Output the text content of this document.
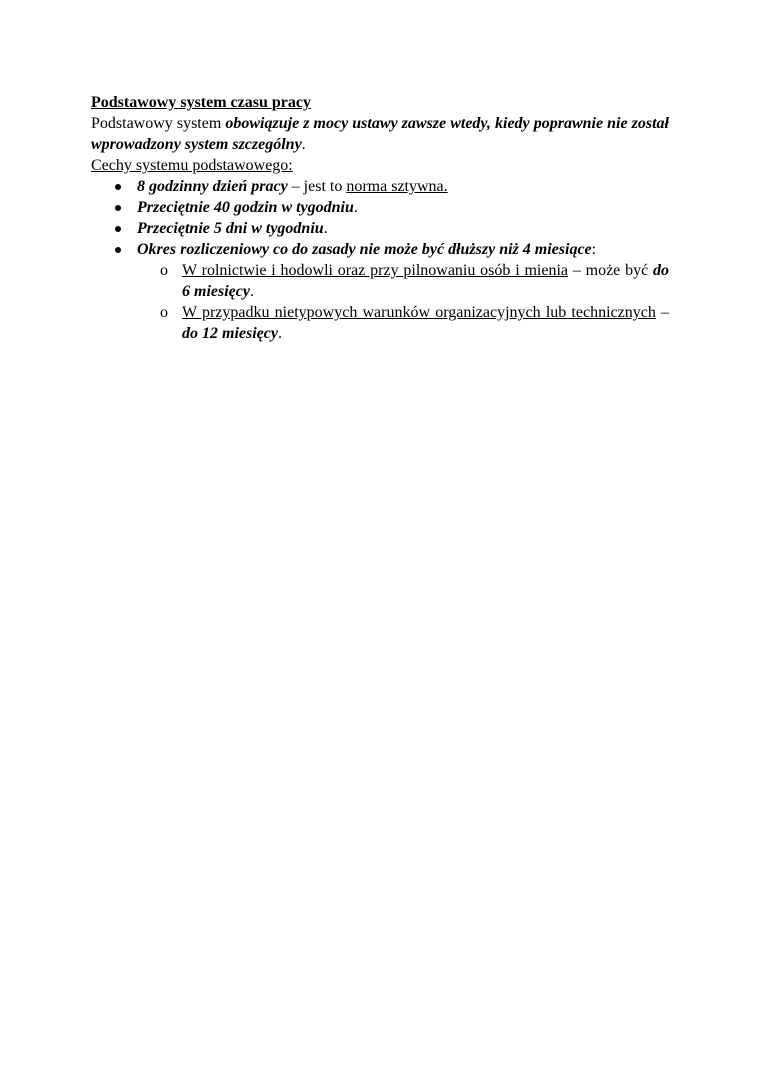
Podstawowy system czasu pracy

Podstawowy system obowiązuje z mocy ustawy zawsze wtedy, kiedy poprawnie nie został wprowadzony system szczególny.

Cechy systemu podstawowego:

8 godzinny dzień pracy – jest to norma sztywna.
Przeciętnie 40 godzin w tygodniu.
Przeciętnie 5 dni w tygodniu.
Okres rozliczeniowy co do zasady nie może być dłuższy niż 4 miesiące:
o W rolnictwie i hodowli oraz przy pilnowaniu osób i mienia – może być do 6 miesięcy.
o W przypadku nietypowych warunków organizacyjnych lub technicznych – do 12 miesięcy.
